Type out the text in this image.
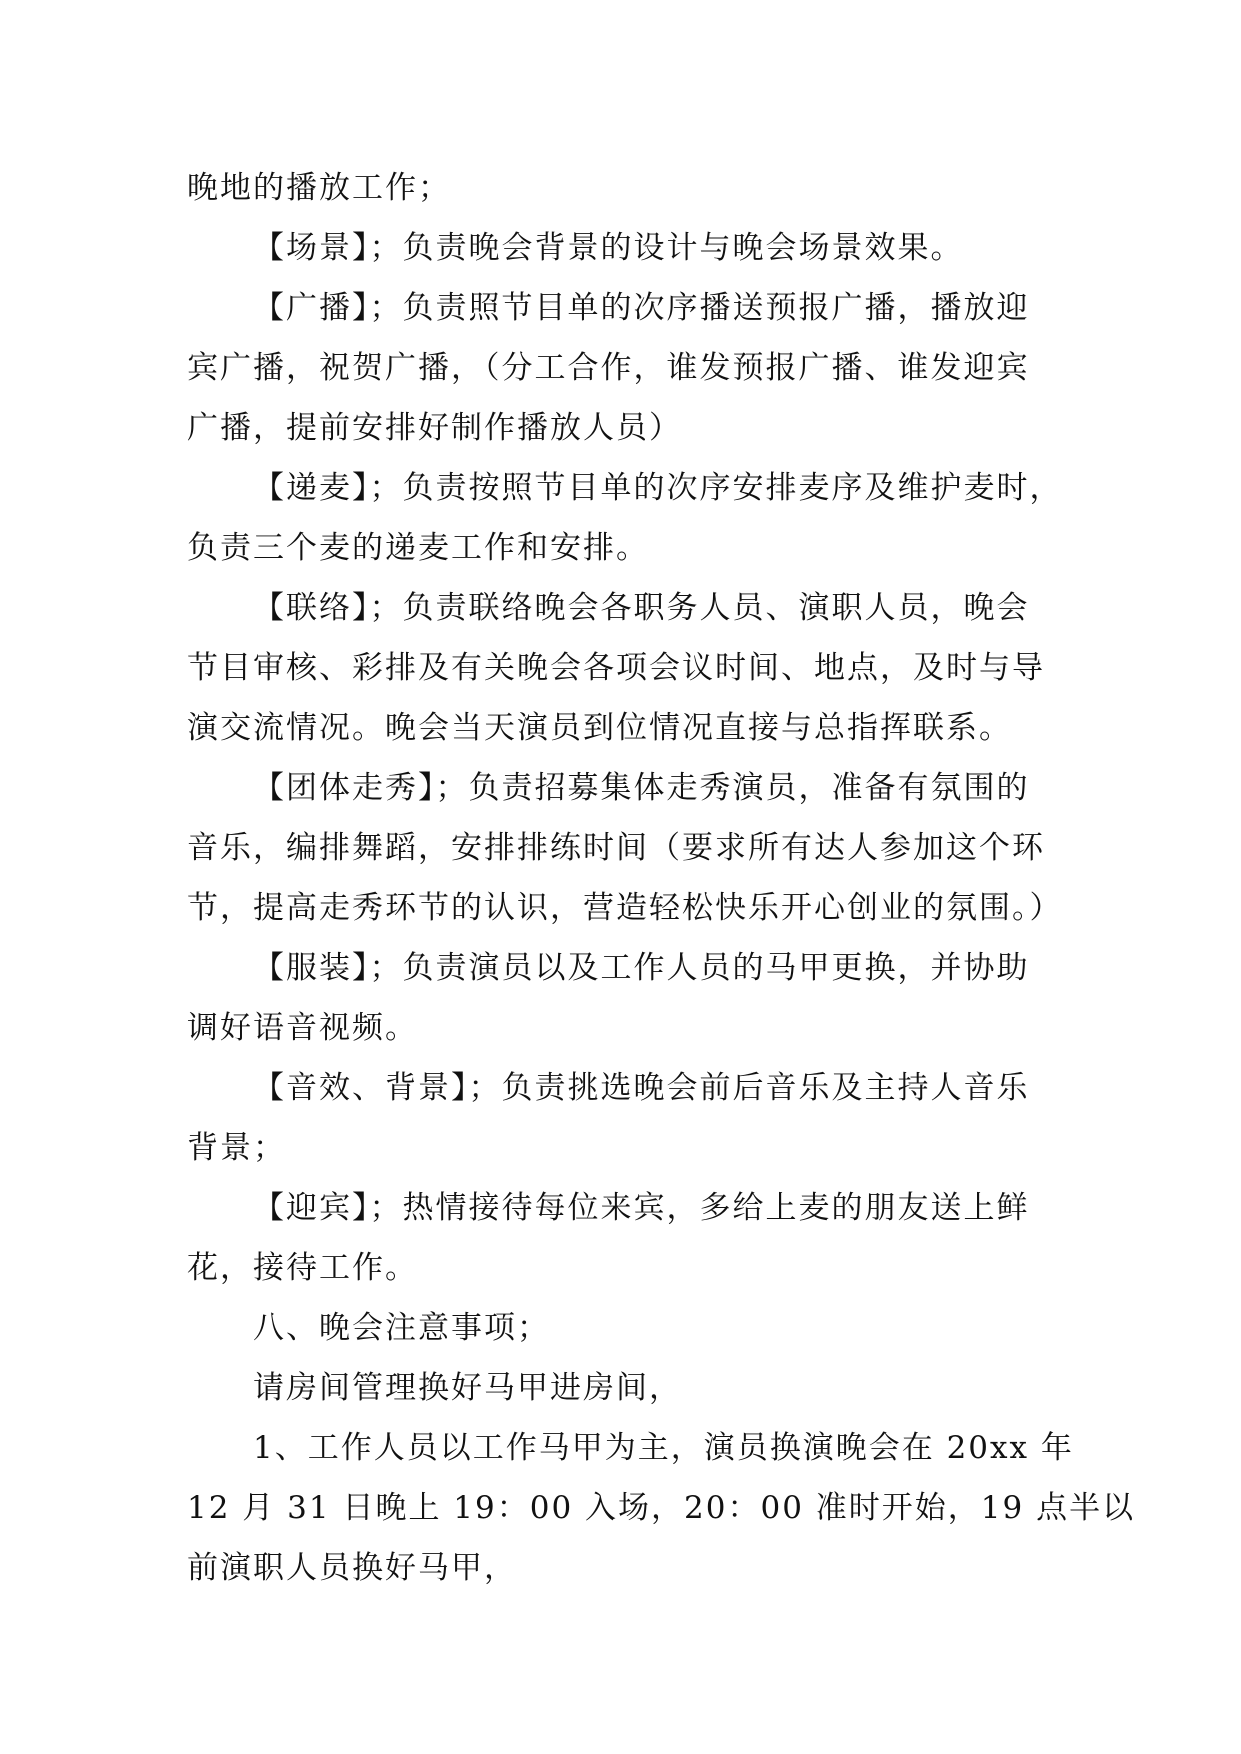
晚地的播放工作；
【场景】；负责晚会背景的设计与晚会场景效果。
【广播】；负责照节目单的次序播送预报广播，播放迎
宾广播，祝贺广播，（分工合作，谁发预报广播、谁发迎宾
广播，提前安排好制作播放人员）
【递麦】；负责按照节目单的次序安排麦序及维护麦时，
负责三个麦的递麦工作和安排。
【联络】；负责联络晚会各职务人员、演职人员，晚会
节目审核、彩排及有关晚会各项会议时间、地点，及时与导
演交流情况。晚会当天演员到位情况直接与总指挥联系。
【团体走秀】；负责招募集体走秀演员，准备有氛围的
音乐，编排舞蹈，安排排练时间（要求所有达人参加这个环
节，提高走秀环节的认识，营造轻松快乐开心创业的氛围。）
【服装】；负责演员以及工作人员的马甲更换，并协助
调好语音视频。
【音效、背景】；负责挑选晚会前后音乐及主持人音乐
背景；
【迎宾】；热情接待每位来宾，多给上麦的朋友送上鲜
花，接待工作。
八、晚会注意事项；
请房间管理换好马甲进房间，
1、工作人员以工作马甲为主，演员换演晚会在 20xx 年
12 月 31 日晚上 19：00 入场，20：00 准时开始，19 点半以
前演职人员换好马甲，
